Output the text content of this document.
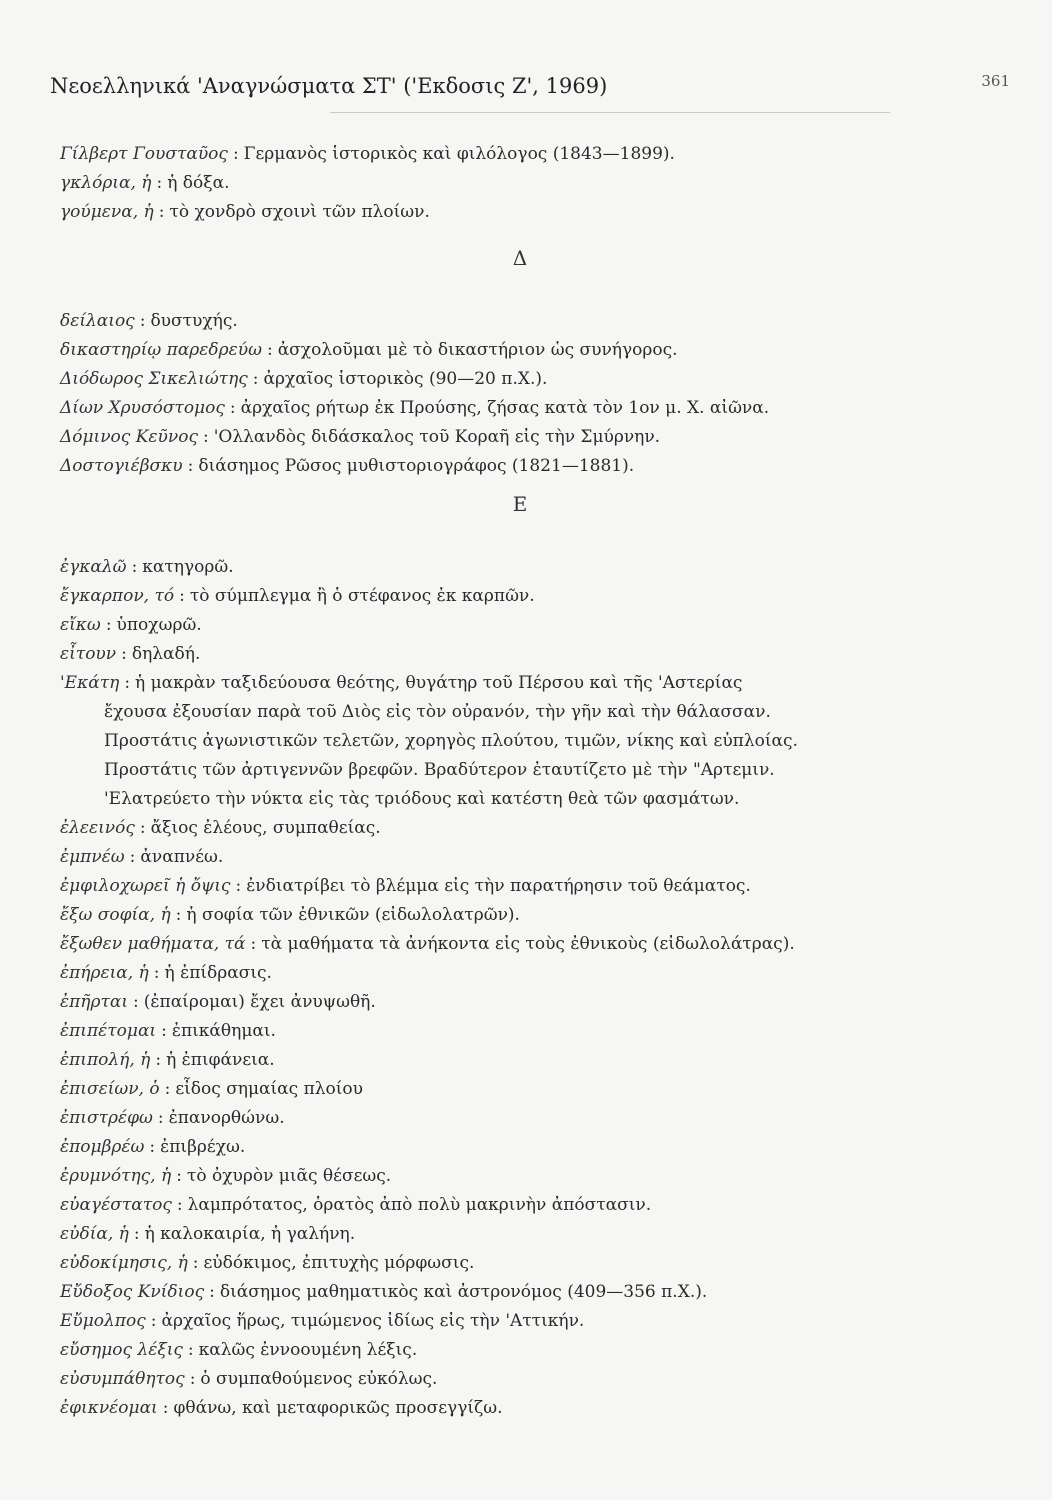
Νεοελληνικά 'Αναγνώσματα ΣΤ' ('Εκδοσις Ζ', 1969)	361
Γίλβερτ Γουσταῦος : Γερμανὸς ἱστορικὸς καὶ φιλόλογος (1843—1899).
γκλόρια, ἡ : ἡ δόξα.
γούμενα, ἡ : τὸ χονδρὸ σχοινὶ τῶν πλοίων.
Δ
δείλαιος : δυστυχής.
δικαστηρίῳ παρεδρεύω : ἀσχολοῦμαι μὲ τὸ δικαστήριον ὡς συνήγορος.
Διόδωρος Σικελιώτης : ἀρχαῖος ἱστορικὸς (90—20 π.Χ.).
Δίων Χρυσόστομος : ἀρχαῖος ρήτωρ ἐκ Προύσης, ζήσας κατὰ τὸν 1ον μ. Χ. αἰῶνα.
Δόμινος Κεῦνος : 'Ολλανδὸς διδάσκαλος τοῦ Κοραῆ εἰς τὴν Σμύρνην.
Δοστογιέβσκυ : διάσημος Ρῶσος μυθιστοριογράφος (1821—1881).
Ε
ἐγκαλῶ : κατηγορῶ.
ἔγκαρπον, τό : τὸ σύμπλεγμα ἢ ὁ στέφανος ἐκ καρπῶν.
εἴκω : ὑποχωρῶ.
εἶτουν : δηλαδή.
'Εκάτη : ἡ μακρὰν ταξιδεύουσα θεότης, θυγάτηρ τοῦ Πέρσου καὶ τῆς 'Αστερίας
ἔχουσα ἐξουσίαν παρὰ τοῦ Διὸς εἰς τὸν οὐρανόν, τὴν γῆν καὶ τὴν θάλασσαν.
Προστάτις ἀγωνιστικῶν τελετῶν, χορηγὸς πλούτου, τιμῶν, νίκης καὶ εὐπλοίας.
Προστάτις τῶν ἀρτιγεννῶν βρεφῶν. Βραδύτερον ἐταυτίζετο μὲ τὴν "Αρτεμιν.
'Ελατρεύετο τὴν νύκτα εἰς τὰς τριόδους καὶ κατέστη θεὰ τῶν φασμάτων.
ἐλεεινός : ἄξιος ἐλέους, συμπαθείας.
ἐμπνέω : ἀναπνέω.
ἐμφιλοχωρεῖ ἡ ὄψις : ἐνδιατρίβει τὸ βλέμμα εἰς τὴν παρατήρησιν τοῦ θεάματος.
ἔξω σοφία, ἡ : ἡ σοφία τῶν ἐθνικῶν (εἰδωλολατρῶν).
ἔξωθεν μαθήματα, τά : τὰ μαθήματα τὰ ἀνήκοντα εἰς τοὺς ἐθνικοὺς (εἰδωλολάτρας).
ἐπήρεια, ἡ : ἡ ἐπίδρασις.
ἐπῆρται : (ἐπαίρομαι) ἔχει ἀνυψωθῆ.
ἐπιπέτομαι : ἐπικάθημαι.
ἐπιπολή, ἡ : ἡ ἐπιφάνεια.
ἐπισείων, ὁ : εἶδος σημαίας πλοίου
ἐπιστρέφω : ἐπανορθώνω.
ἐπομβρέω : ἐπιβρέχω.
ἐρυμνότης, ἡ : τὸ ὀχυρὸν μιᾶς θέσεως.
εὐαγέστατος : λαμπρότατος, ὁρατὸς ἀπὸ πολὺ μακρινὴν ἀπόστασιν.
εὐδία, ἡ : ἡ καλοκαιρία, ἡ γαλήνη.
εὐδοκίμησις, ἡ : εὐδόκιμος, ἐπιτυχὴς μόρφωσις.
Εὔδοξος Κνίδιος : διάσημος μαθηματικὸς καὶ ἀστρονόμος (409—356 π.Χ.).
Εὔμολπος : ἀρχαῖος ἥρως, τιμώμενος ἰδίως εἰς τὴν 'Αττικήν.
εὔσημος λέξις : καλῶς ἐννοουμένη λέξις.
εὐσυμπάθητος : ὁ συμπαθούμενος εὐκόλως.
ἐφικνέομαι : φθάνω, καὶ μεταφορικῶς προσεγγίζω.
